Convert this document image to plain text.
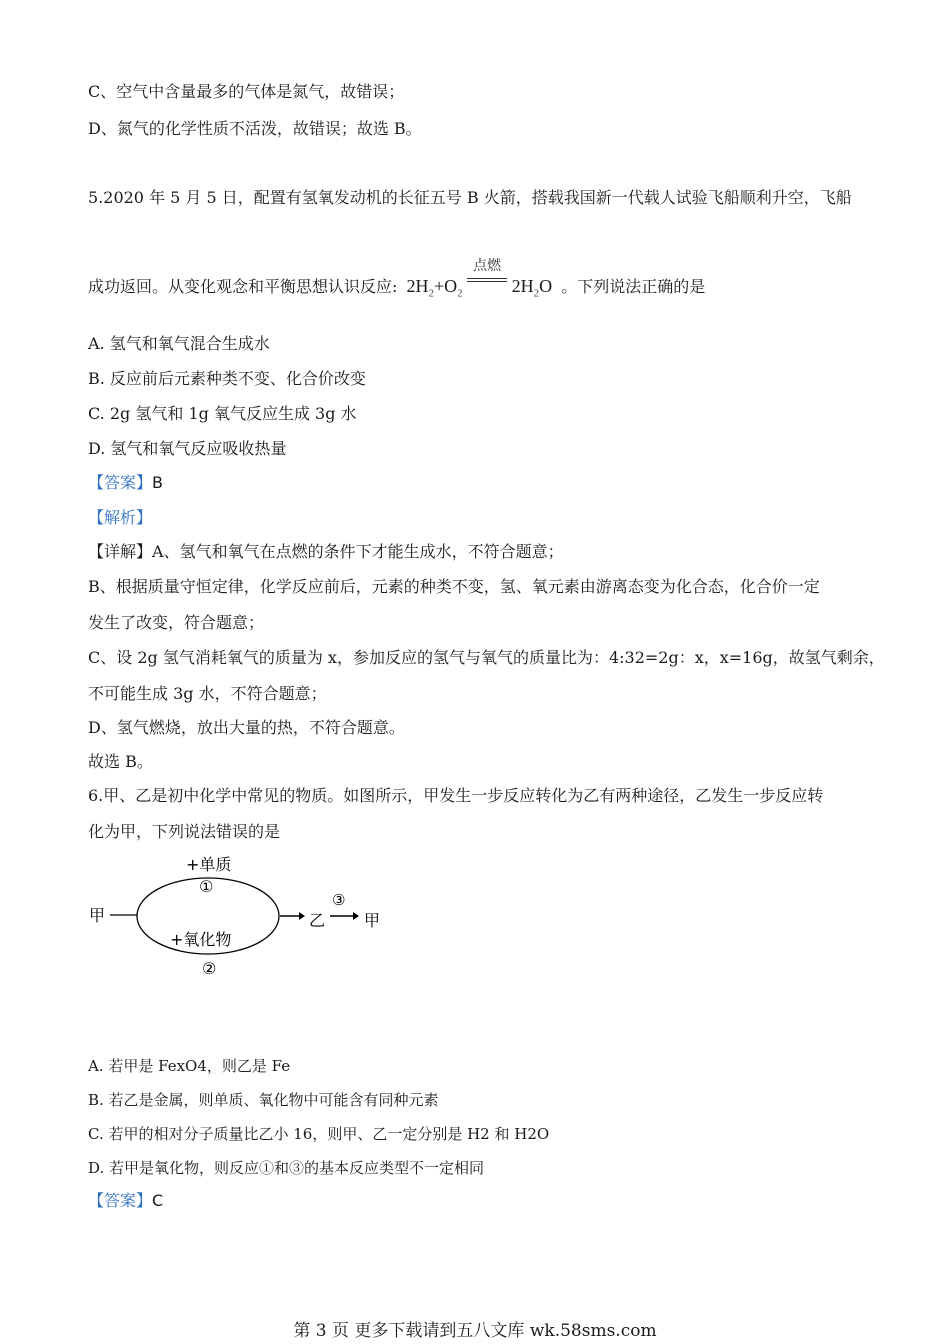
C、空气中含量最多的气体是氮气，故错误；
D、氮气的化学性质不活泼，故错误；故选 B。
5.2020 年 5 月 5 日，配置有氢氧发动机的长征五号 B 火箭，搭载我国新一代载人试验飞船顺利升空，飞船
成功返回。从变化观念和平衡思想认识反应: $2H_2+O_2$
点燃
$2H_2O$ 。下列说法正确的是
A. 氢气和氧气混合生成水
B. 反应前后元素种类不变、化合价改变
C. 2g 氢气和 1g 氧气反应生成 3g 水
D. 氢气和氧气反应吸收热量
【答案】B
【解析】
【详解】A、氢气和氧气在点燃的条件下才能生成水，不符合题意；
B、根据质量守恒定律，化学反应前后，元素的种类不变，氢、氧元素由游离态变为化合态，化合价一定
发生了改变，符合题意；
C、设 2g 氢气消耗氧气的质量为 x，参加反应的氢气与氧气的质量比为：4:32=2g：x，x=16g，故氢气剩余，
不可能生成 3g 水，不符合题意；
D、氢气燃烧，放出大量的热，不符合题意。
故选 B。
6.甲、乙是初中化学中常见的物质。如图所示，甲发生一步反应转化为乙有两种途径，乙发生一步反应转
化为甲，下列说法错误的是
+单质
①
甲
+氧化物
②
乙
③
甲
A. 若甲是 FexO4，则乙是 Fe
B. 若乙是金属，则单质、氧化物中可能含有同种元素
C. 若甲的相对分子质量比乙小 16，则甲、乙一定分别是 H2 和 H2O
D. 若甲是氧化物，则反应①和③的基本反应类型不一定相同
【答案】C
第 3 页 更多下载请到五八文库 wk.58sms.com
